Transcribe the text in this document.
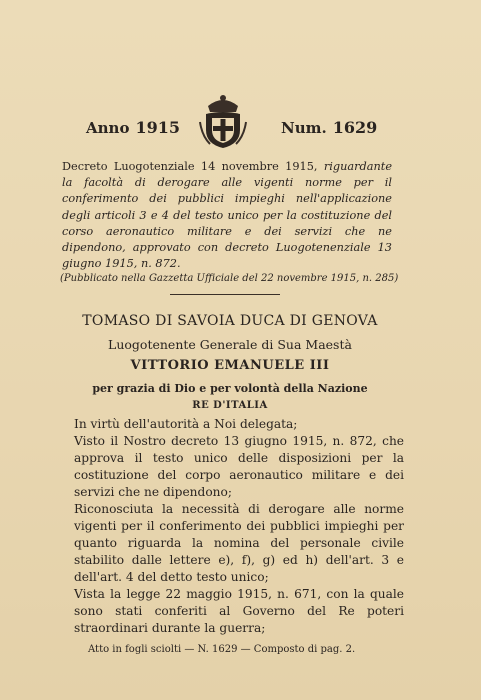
Anno 1915	Num. 1629
Decreto Luogotenziale 14 novembre 1915, riguardante la facoltà di derogare alle vigenti norme per il conferimento dei pubblici impieghi nell'applicazione degli articoli 3 e 4 del testo unico per la costituzione del corso aeronautico militare e dei servizi che ne dipendono, approvato con decreto Luogotenenziale 13 giugno 1915, n. 872.
(Pubblicato nella Gazzetta Ufficiale del 22 novembre 1915, n. 285)
TOMASO DI SAVOIA DUCA DI GENOVA
Luogotenente Generale di Sua Maestà
VITTORIO EMANUELE III
per grazia di Dio e per volontà della Nazione
RE D'ITALIA

In virtù dell'autorità a Noi delegata;

Visto il Nostro decreto 13 giugno 1915, n. 872, che approva il testo unico delle disposizioni per la costituzione del corpo aeronautico militare e dei servizi che ne dipendono;

Riconosciuta la necessità di derogare alle norme vigenti per il conferimento dei pubblici impieghi per quanto riguarda la nomina del personale civile stabilito dalle lettere e), f), g) ed h) dell'art. 3 e dell'art. 4 del detto testo unico;

Vista la legge 22 maggio 1915, n. 671, con la quale sono stati conferiti al Governo del Re poteri straordinari durante la guerra;

Atto in fogli sciolti — N. 1629 — Composto di pag. 2.
